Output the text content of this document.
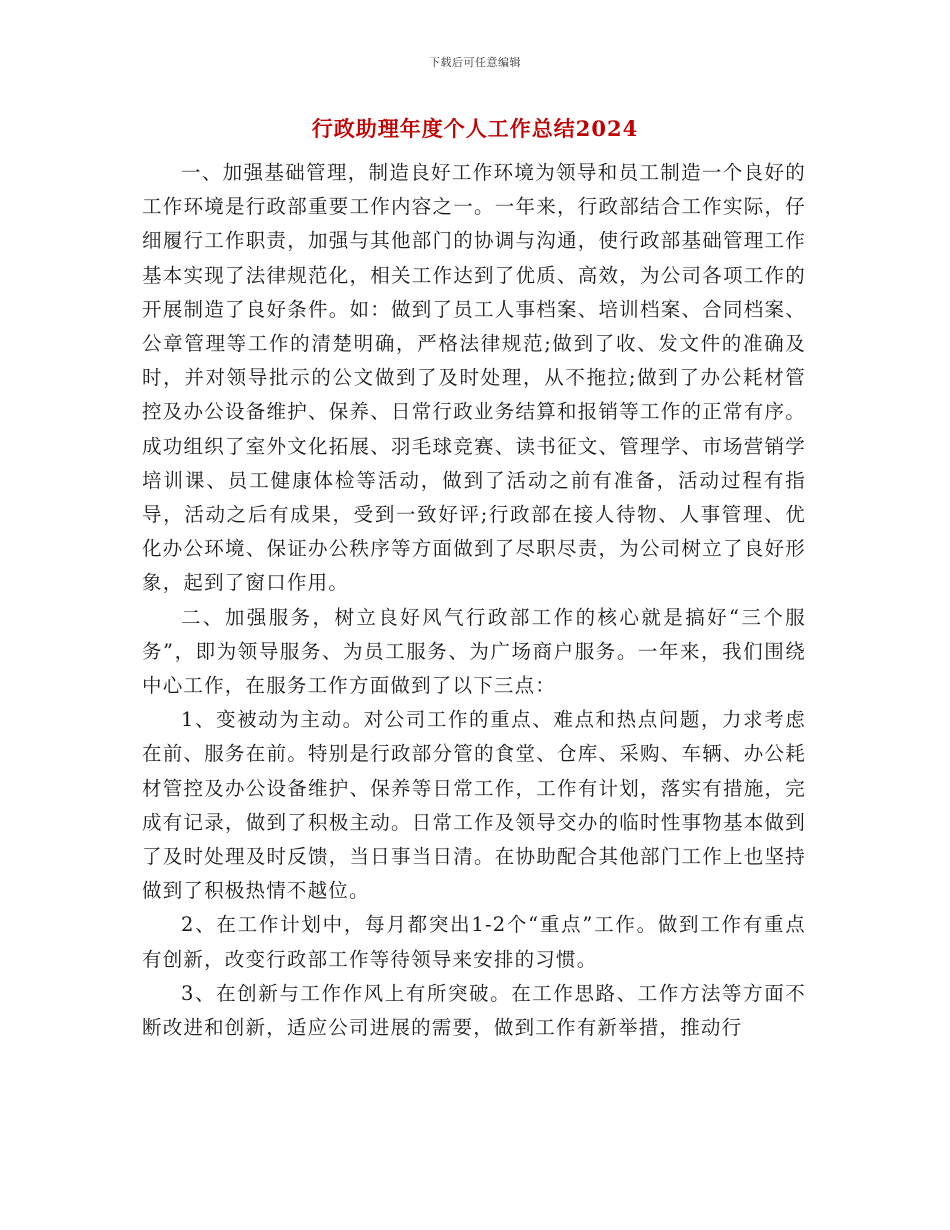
下载后可任意编辑
行政助理年度个人工作总结2024

一、加强基础管理，制造良好工作环境为领导和员工制造一个良好的工作环境是行政部重要工作内容之一。一年来，行政部结合工作实际，仔细履行工作职责，加强与其他部门的协调与沟通，使行政部基础管理工作基本实现了法律规范化，相关工作达到了优质、高效，为公司各项工作的开展制造了良好条件。如：做到了员工人事档案、培训档案、合同档案、公章管理等工作的清楚明确，严格法律规范;做到了收、发文件的准确及时，并对领导批示的公文做到了及时处理，从不拖拉;做到了办公耗材管控及办公设备维护、保养、日常行政业务结算和报销等工作的正常有序。成功组织了室外文化拓展、羽毛球竞赛、读书征文、管理学、市场营销学培训课、员工健康体检等活动，做到了活动之前有准备，活动过程有指导，活动之后有成果，受到一致好评;行政部在接人待物、人事管理、优化办公环境、保证办公秩序等方面做到了尽职尽责，为公司树立了良好形象，起到了窗口作用。

二、加强服务，树立良好风气行政部工作的核心就是搞好“三个服务”，即为领导服务、为员工服务、为广场商户服务。一年来，我们围绕中心工作，在服务工作方面做到了以下三点：

1、变被动为主动。对公司工作的重点、难点和热点问题，力求考虑在前、服务在前。特别是行政部分管的食堂、仓库、采购、车辆、办公耗材管控及办公设备维护、保养等日常工作，工作有计划，落实有措施，完成有记录，做到了积极主动。日常工作及领导交办的临时性事物基本做到了及时处理及时反馈，当日事当日清。在协助配合其他部门工作上也坚持做到了积极热情不越位。

2、在工作计划中，每月都突出1-2个“重点”工作。做到工作有重点有创新，改变行政部工作等待领导来安排的习惯。

3、在创新与工作作风上有所突破。在工作思路、工作方法等方面不断改进和创新，适应公司进展的需要，做到工作有新举措，推动行
